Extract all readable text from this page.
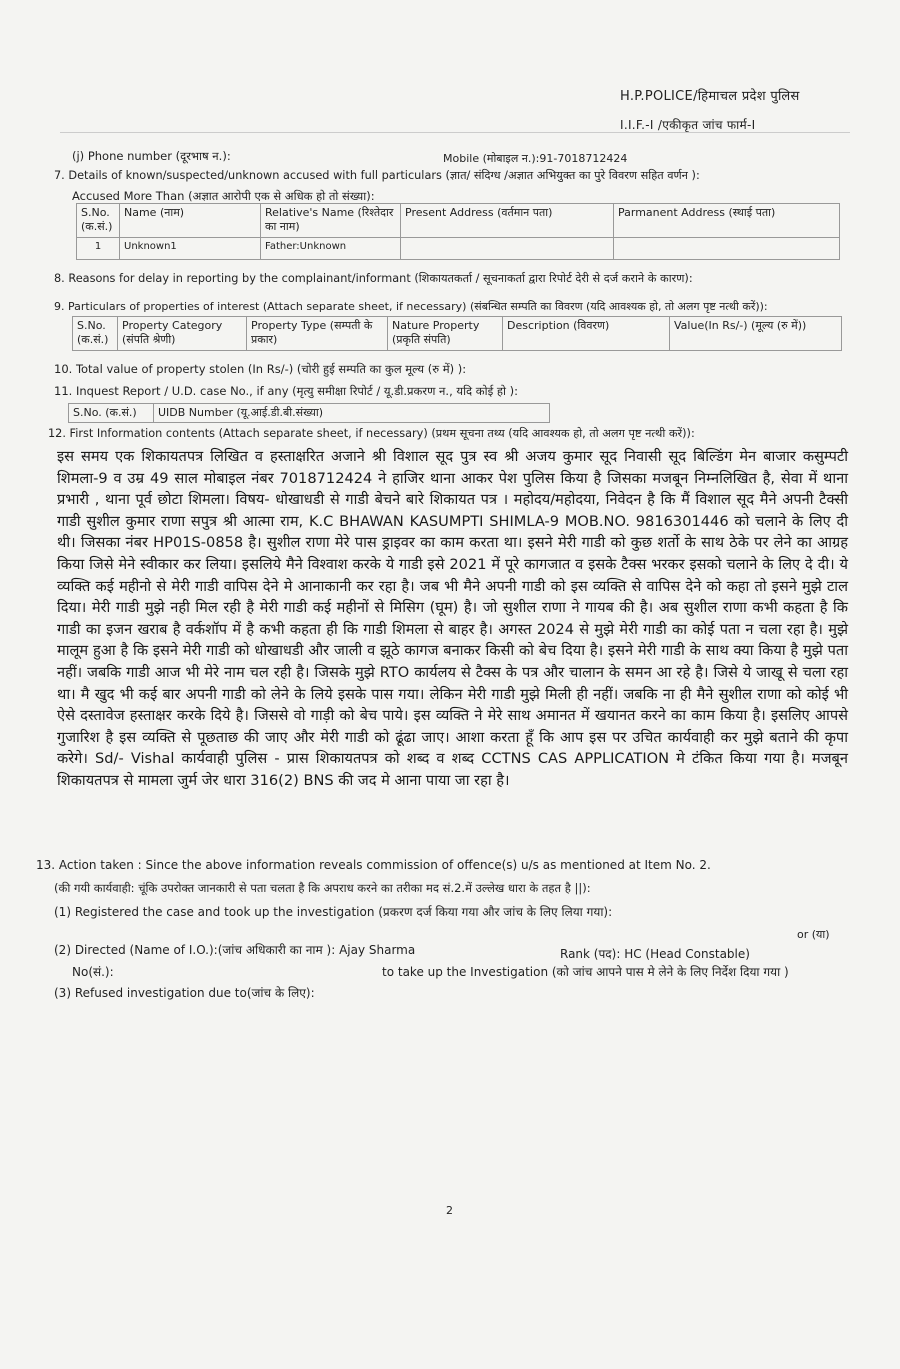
H.P.POLICE/हिमाचल प्रदेश पुलिस
I.I.F.-I /एकीकृत जांच फार्म-I
(j) Phone number (दूरभाष न.):	Mobile (मोबाइल न.):91-7018712424
7. Details of known/suspected/unknown accused with full particulars (ज्ञात/ संदिग्ध /अज्ञात अभियुक्त का पुरे विवरण सहित वर्णन ):
Accused More Than (अज्ञात आरोपी एक से अधिक हो तो संख्या):
S.No. (क.सं.)	Name (नाम)	Relative's Name (रिश्तेदार का नाम)	Present Address (वर्तमान पता)	Parmanent Address (स्थाई पता)
1	Unknown1	Father:Unknown		
8. Reasons for delay in reporting by the complainant/informant (शिकायतकर्ता / सूचनाकर्ता द्वारा रिपोर्ट देरी से दर्ज कराने के कारण):
9. Particulars of properties of interest (Attach separate sheet, if necessary) (संबन्धित सम्पति का विवरण (यदि आवश्यक हो, तो अलग पृष्ट नत्थी करें)):
S.No. (क.सं.)	Property Category (संपति श्रेणी)	Property Type (सम्पती के प्रकार)	Nature Property (प्रकृति संपति)	Description (विवरण)	Value(In Rs/-) (मूल्य (रु में))
10. Total value of property stolen (In Rs/-) (चोरी हुई सम्पति का कुल मूल्य (रु में) ):
11. Inquest Report / U.D. case No., if any (मृत्यु समीक्षा रिपोर्ट / यू.डी.प्रकरण न., यदि कोई हो ):
S.No. (क.सं.)	UIDB Number (यू.आई.डी.बी.संख्या)
12. First Information contents (Attach separate sheet, if necessary) (प्रथम सूचना तथ्य (यदि आवश्यक हो, तो अलग पृष्ट नत्थी करें)):
इस समय एक शिकायतपत्र लिखित व हस्ताक्षरित अजाने श्री विशाल सूद पुत्र स्व श्री अजय कुमार सूद निवासी सूद बिल्डिंग मेन बाजार कसुम्पटी शिमला-9 व उम्र 49 साल मोबाइल नंबर 7018712424 ने हाजिर थाना आकर पेश पुलिस किया है जिसका मजबून निम्नलिखित है, सेवा में थाना प्रभारी , थाना पूर्व छोटा शिमला। विषय- धोखाधडी से गाडी बेचने बारे शिकायत पत्र । महोदय/महोदया, निवेदन है कि मैं विशाल सूद मैने अपनी टैक्सी गाडी सुशील कुमार राणा सपुत्र श्री आत्मा राम, K.C BHAWAN KASUMPTI SHIMLA-9 MOB.NO. 9816301446 को चलाने के लिए दी थी। जिसका नंबर HP01S-0858 है। सुशील राणा मेरे पास ड्राइवर का काम करता था। इसने मेरी गाडी को कुछ शर्तो के साथ ठेके पर लेने का आग्रह किया जिसे मेने स्वीकार कर लिया। इसलिये मैने विश्वाश करके ये गाडी इसे 2021 में पूरे कागजात व इसके टैक्स भरकर इसको चलाने के लिए दे दी। ये व्यक्ति कई महीनो से मेरी गाडी वापिस देने मे आनाकानी कर रहा है। जब भी मैने अपनी गाडी को इस व्यक्ति से वापिस देने को कहा तो इसने मुझे टाल दिया। मेरी गाडी मुझे नही मिल रही है मेरी गाडी कई महीनों से मिसिग (घूम) है। जो सुशील राणा ने गायब की है। अब सुशील राणा कभी कहता है कि गाडी का इजन खराब है वर्कशॉप में है कभी कहता ही कि गाडी शिमला से बाहर है। अगस्त 2024 से मुझे मेरी गाडी का कोई पता न चला रहा है। मुझे मालूम हुआ है कि इसने मेरी गाडी को धोखाधडी और जाली व झूठे कागज बनाकर किसी को बेच दिया है। इसने मेरी गाडी के साथ क्या किया है मुझे पता नहीं। जबकि गाडी आज भी मेरे नाम चल रही है। जिसके मुझे RTO कार्यलय से टैक्स के पत्र और चालान के समन आ रहे है। जिसे ये जाखू से चला रहा था। मै खुद भी कई बार अपनी गाडी को लेने के लिये इसके पास गया। लेकिन मेरी गाडी मुझे मिली ही नहीं। जबकि ना ही मैने सुशील राणा को कोई भी ऐसे दस्तावेज हस्ताक्षर करके दिये है। जिससे वो गाड़ी को बेच पाये। इस व्यक्ति ने मेरे साथ अमानत में खयानत करने का काम किया है। इसलिए आपसे गुजारिश है इस व्यक्ति से पूछताछ की जाए और मेरी गाडी को ढूंढा जाए। आशा करता हूँ कि आप इस पर उचित कार्यवाही कर मुझे बताने की कृपा करेगे। Sd/- Vishal कार्यवाही पुलिस - प्रास शिकायतपत्र को शब्द व शब्द CCTNS CAS APPLICATION मे टंकित किया गया है। मजबून शिकायतपत्र से मामला जुर्म जेर धारा 316(2) BNS की जद मे आना पाया जा रहा है।
13. Action taken : Since the above information reveals commission of offence(s) u/s as mentioned at Item No. 2.
(की गयी कार्यवाही: चूंकि उपरोक्त जानकारी से पता चलता है कि अपराध करने का तरीका मद सं.2.में उल्लेख धारा के तहत है ||):
(1) Registered the case and took up the investigation (प्रकरण दर्ज किया गया और जांच के लिए लिया गया):
or (या)
(2) Directed (Name of I.O.):(जांच अधिकारी का नाम ): Ajay Sharma	Rank (पद): HC (Head Constable)
No(सं.):	to take up the Investigation (को जांच आपने पास मे लेने के लिए निर्देश दिया गया )
(3) Refused investigation due to(जांच के लिए):
2
